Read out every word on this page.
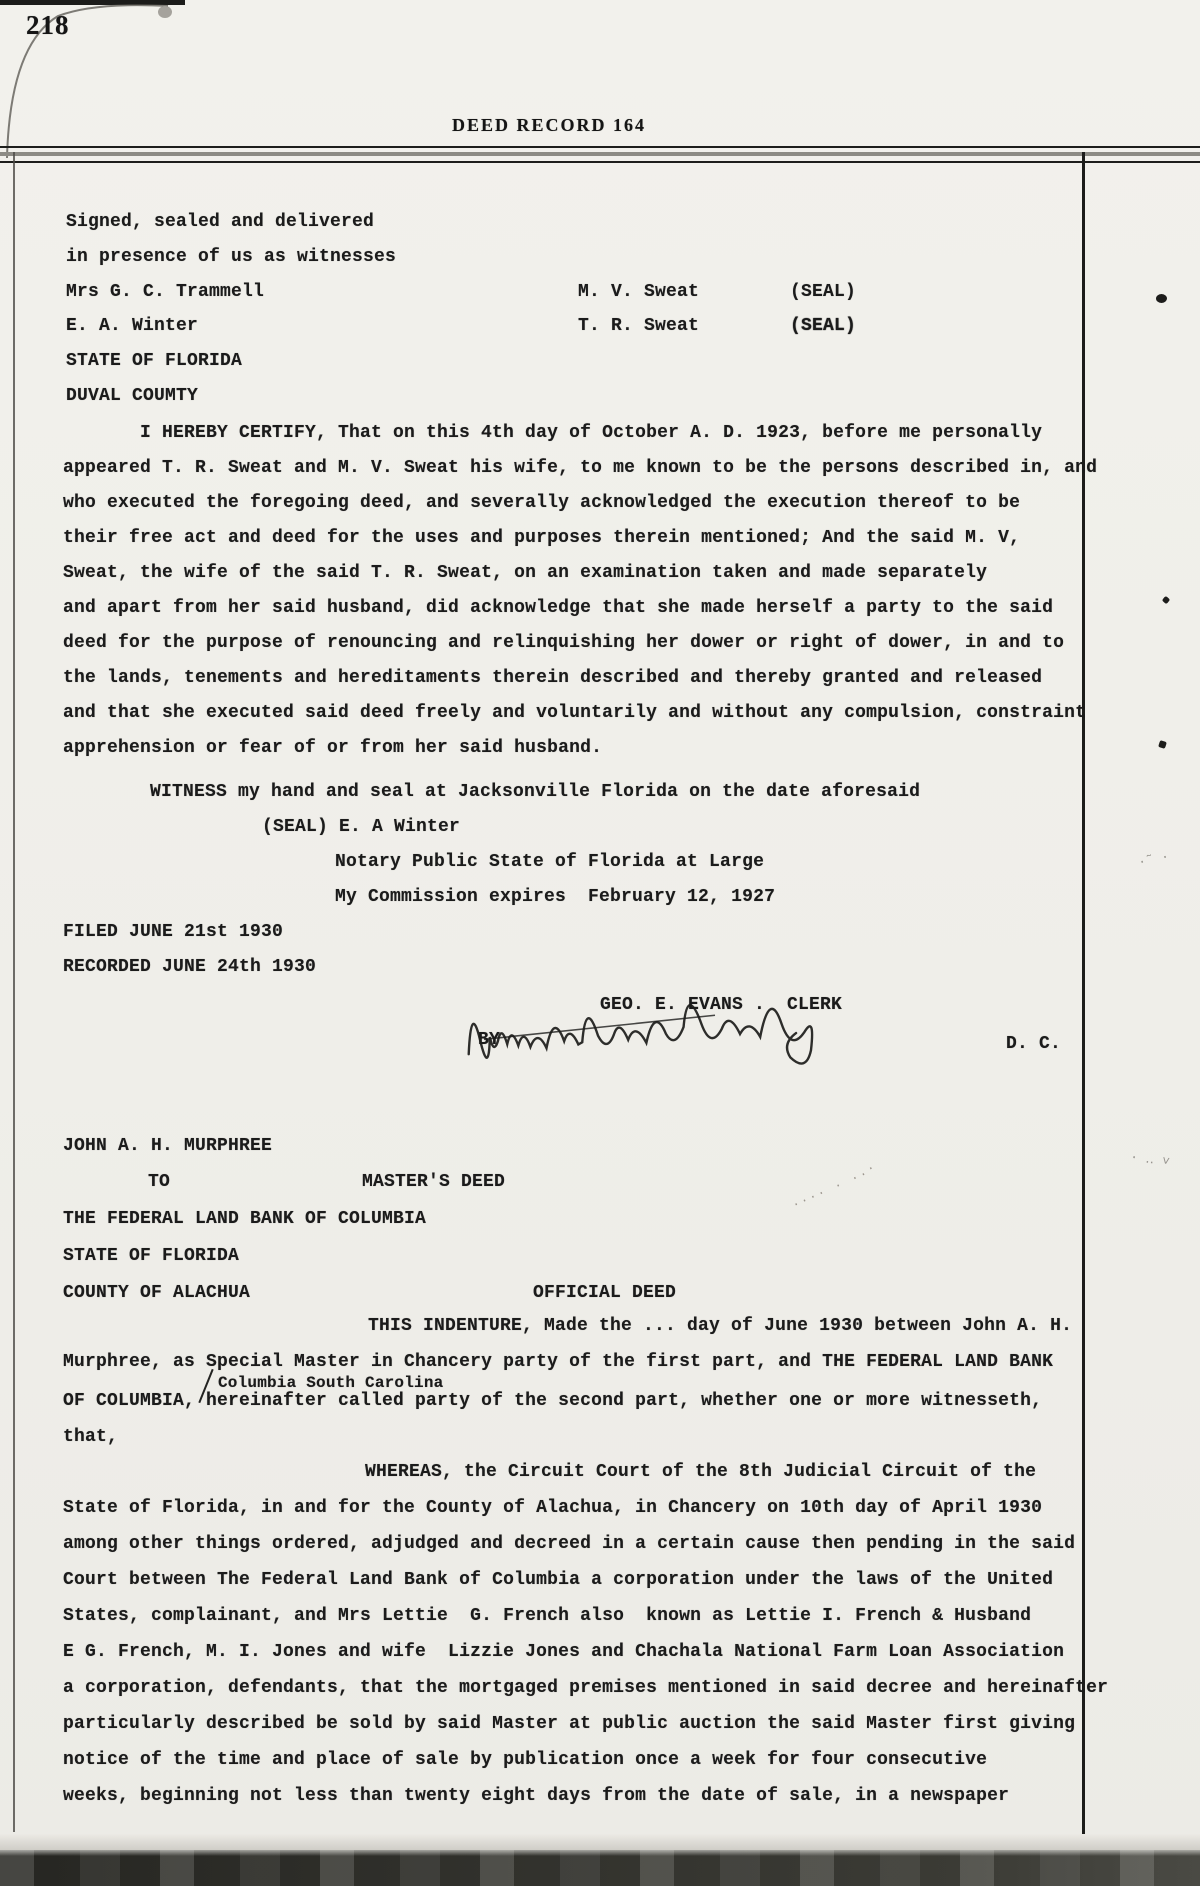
218
DEED RECORD 164
Signed, sealed and delivered
in presence of us as witnesses
Mrs G. C. Trammell	M. V. Sweat	(SEAL)
E. A. Winter	T. R. Sweat	(SEAL)
STATE OF FLORIDA
DUVAL COUMTY
I HEREBY CERTIFY, That on this 4th day of October A. D. 1923, before me personally
appeared T. R. Sweat and M. V. Sweat his wife, to me known to be the persons described in, and
who executed the foregoing deed, and severally acknowledged the execution thereof to be
their free act and deed for the uses and purposes therein mentioned; And the said M. V,
Sweat, the wife of the said T. R. Sweat, on an examination taken and made separately
and apart from her said husband, did acknowledge that she made herself a party to the said
deed for the purpose of renouncing and relinquishing her dower or right of dower, in and to
the lands, tenements and hereditaments therein described and thereby granted and released
and that she executed said deed freely and voluntarily and without any compulsion, constraint
apprehension or fear of or from her said husband.
WITNESS my hand and seal at Jacksonville Florida on the date aforesaid
(SEAL) E. A Winter
Notary Public State of Florida at Large
My Commission expires  February 12, 1927
FILED JUNE 21st 1930
RECORDED JUNE 24th 1930
GEO. E. EVANS .  CLERK
BY	D. C.
JOHN A. H. MURPHREE
TO	MASTER'S DEED
THE FEDERAL LAND BANK OF COLUMBIA
STATE OF FLORIDA
COUNTY OF ALACHUA	OFFICIAL DEED
THIS INDENTURE, Made the ... day of June 1930 between John A. H.
Murphree, as Special Master in Chancery party of the first part, and THE FEDERAL LAND BANK
Columbia South Carolina
OF COLUMBIA, hereinafter called party of the second part, whether one or more witnesseth,
that,
WHEREAS, the Circuit Court of the 8th Judicial Circuit of the
State of Florida, in and for the County of Alachua, in Chancery on 10th day of April 1930
among other things ordered, adjudged and decreed in a certain cause then pending in the said
Court between The Federal Land Bank of Columbia a corporation under the laws of the United
States, complainant, and Mrs Lettie  G. French also  known as Lettie I. French & Husband
E G. French, M. I. Jones and wife  Lizzie Jones and Chachala National Farm Loan Association
a corporation, defendants, that the mortgaged premises mentioned in said decree and hereinafter
particularly described be sold by said Master at public auction the said Master first giving
notice of the time and place of sale by publication once a week for four consecutive
weeks, beginning not less than twenty eight days from the date of sale, in a newspaper
·˜ ·
· ‥ ˅
.... . ..·
